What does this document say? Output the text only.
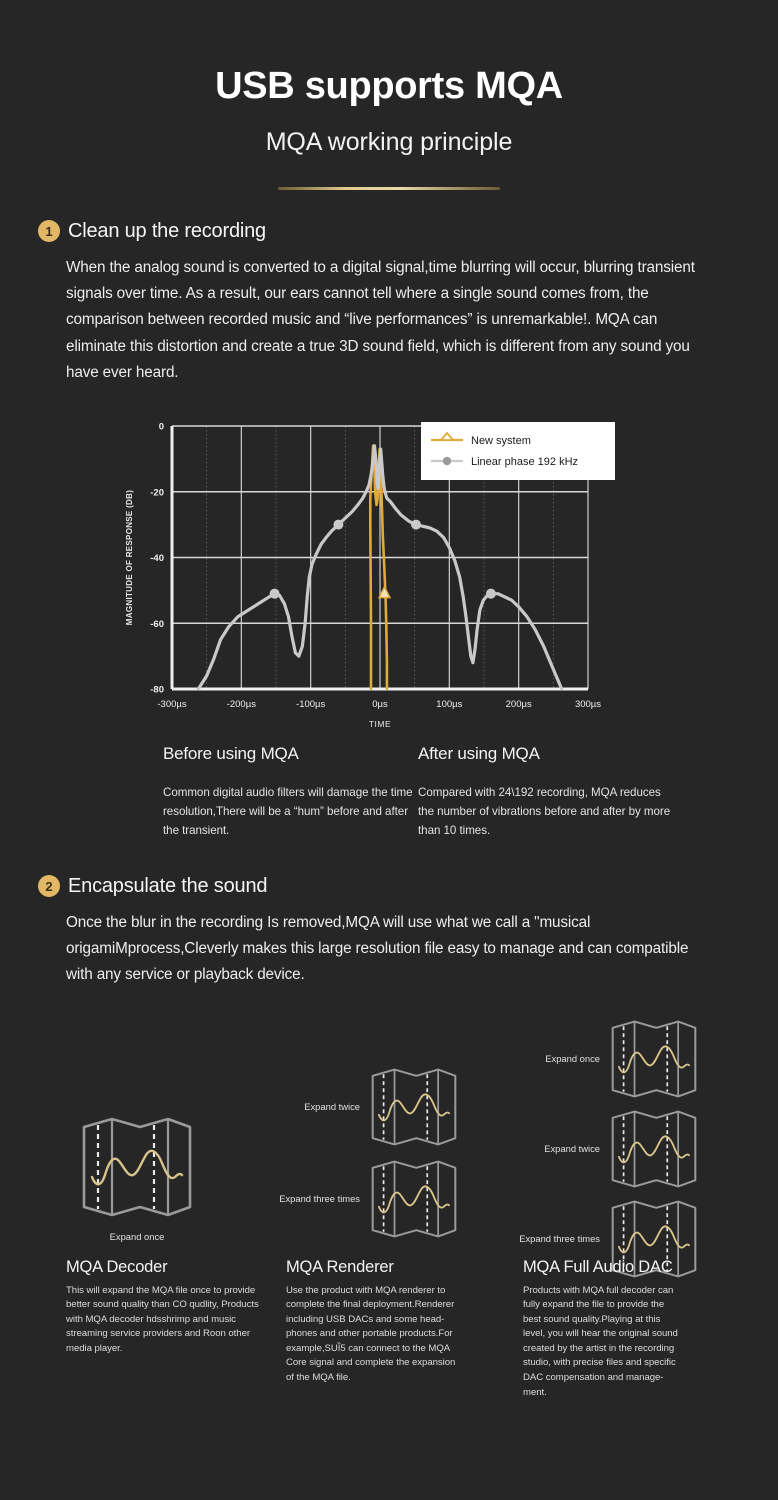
USB supports MQA
MQA working principle
1 Clean up the recording
When the analog sound is converted to a digital signal,time blurring will occur, blurring transient signals over time. As a result, our ears cannot tell where a single sound comes from, the comparison between recorded music and “live performances” is unremarkable!. MQA can eliminate this distortion and create a true 3D sound field, which is different from any sound you have ever heard.
-300µs	-200µs	-100µs	0µs	100µs	200µs	300µs
0
-20
-40
-60
-80
TIME
MAGNITUDE OF RESPONSE (DB)
New system
Linear phase 192 kHz
Before using MQA

Common digital audio filters will damage the time resolution,There will be a “hum” before and after the transient.

After using MQA

Compared with 24\192 recording, MQA reduces the number of vibrations before and after by more than 10 times.

2 Encapsulate the sound
Once the blur in the recording Is removed,MQA will use what we call a "musical origamiMprocess,Cleverly makes this large resolution file easy to manage and can compatible with any service or playback device.
Expand once
Expand twice
Expand three times
Expand once
Expand twice
Expand three times
MQA Decoder

This will expand the MQA file once to provide better sound quality than CO qudlity, Products with MQA decoder hdsshrimp and music streaming service providers and Roon other media player.

MQA Renderer

Use the product with MQA renderer to complete the final deployment.Renderer including USB DACs and some head-phones and other portable products.For example,SUȈ5 can connect to the MQA Core signal and complete the expansion of the MQA file.

MQA Full Audio DAC

Products with MQA full decoder can fully expand the file to provide the best sound quality.Playing at this level, you will hear the original sound created by the artist in the recording studio, with precise files and specific DAC compensation and manage-ment.
